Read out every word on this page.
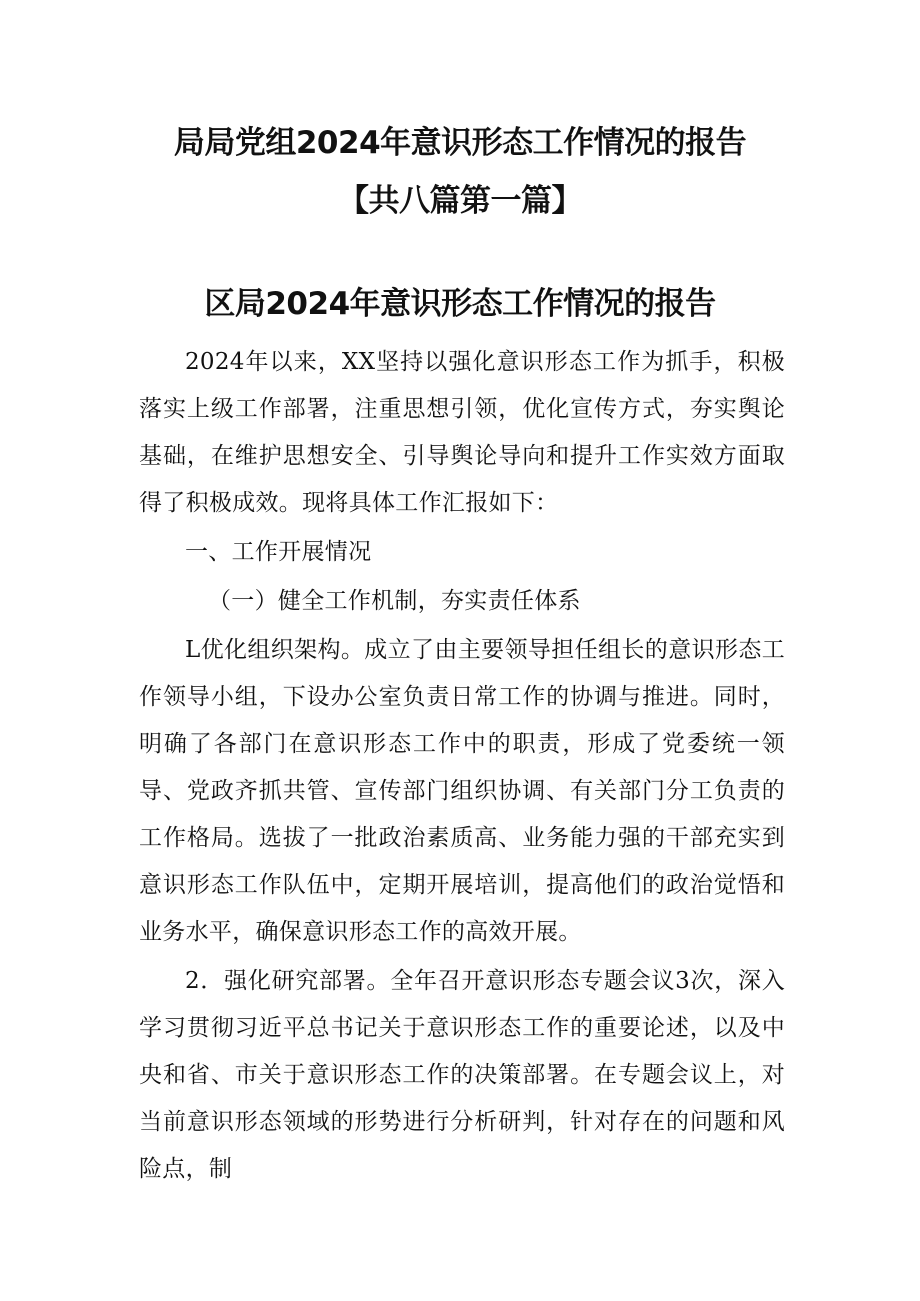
局局党组2024年意识形态工作情况的报告
【共八篇第一篇】
区局2024年意识形态工作情况的报告

2024年以来，XX坚持以强化意识形态工作为抓手，积极落实上级工作部署，注重思想引领，优化宣传方式，夯实舆论基础，在维护思想安全、引导舆论导向和提升工作实效方面取得了积极成效。现将具体工作汇报如下：

一、工作开展情况

（一）健全工作机制，夯实责任体系

L优化组织架构。成立了由主要领导担任组长的意识形态工作领导小组，下设办公室负责日常工作的协调与推进。同时，明确了各部门在意识形态工作中的职责，形成了党委统一领导、党政齐抓共管、宣传部门组织协调、有关部门分工负责的工作格局。选拔了一批政治素质高、业务能力强的干部充实到意识形态工作队伍中，定期开展培训，提高他们的政治觉悟和业务水平，确保意识形态工作的高效开展。

2．强化研究部署。全年召开意识形态专题会议3次，深入学习贯彻习近平总书记关于意识形态工作的重要论述，以及中央和省、市关于意识形态工作的决策部署。在专题会议上，对当前意识形态领域的形势进行分析研判，针对存在的问题和风险点，制
